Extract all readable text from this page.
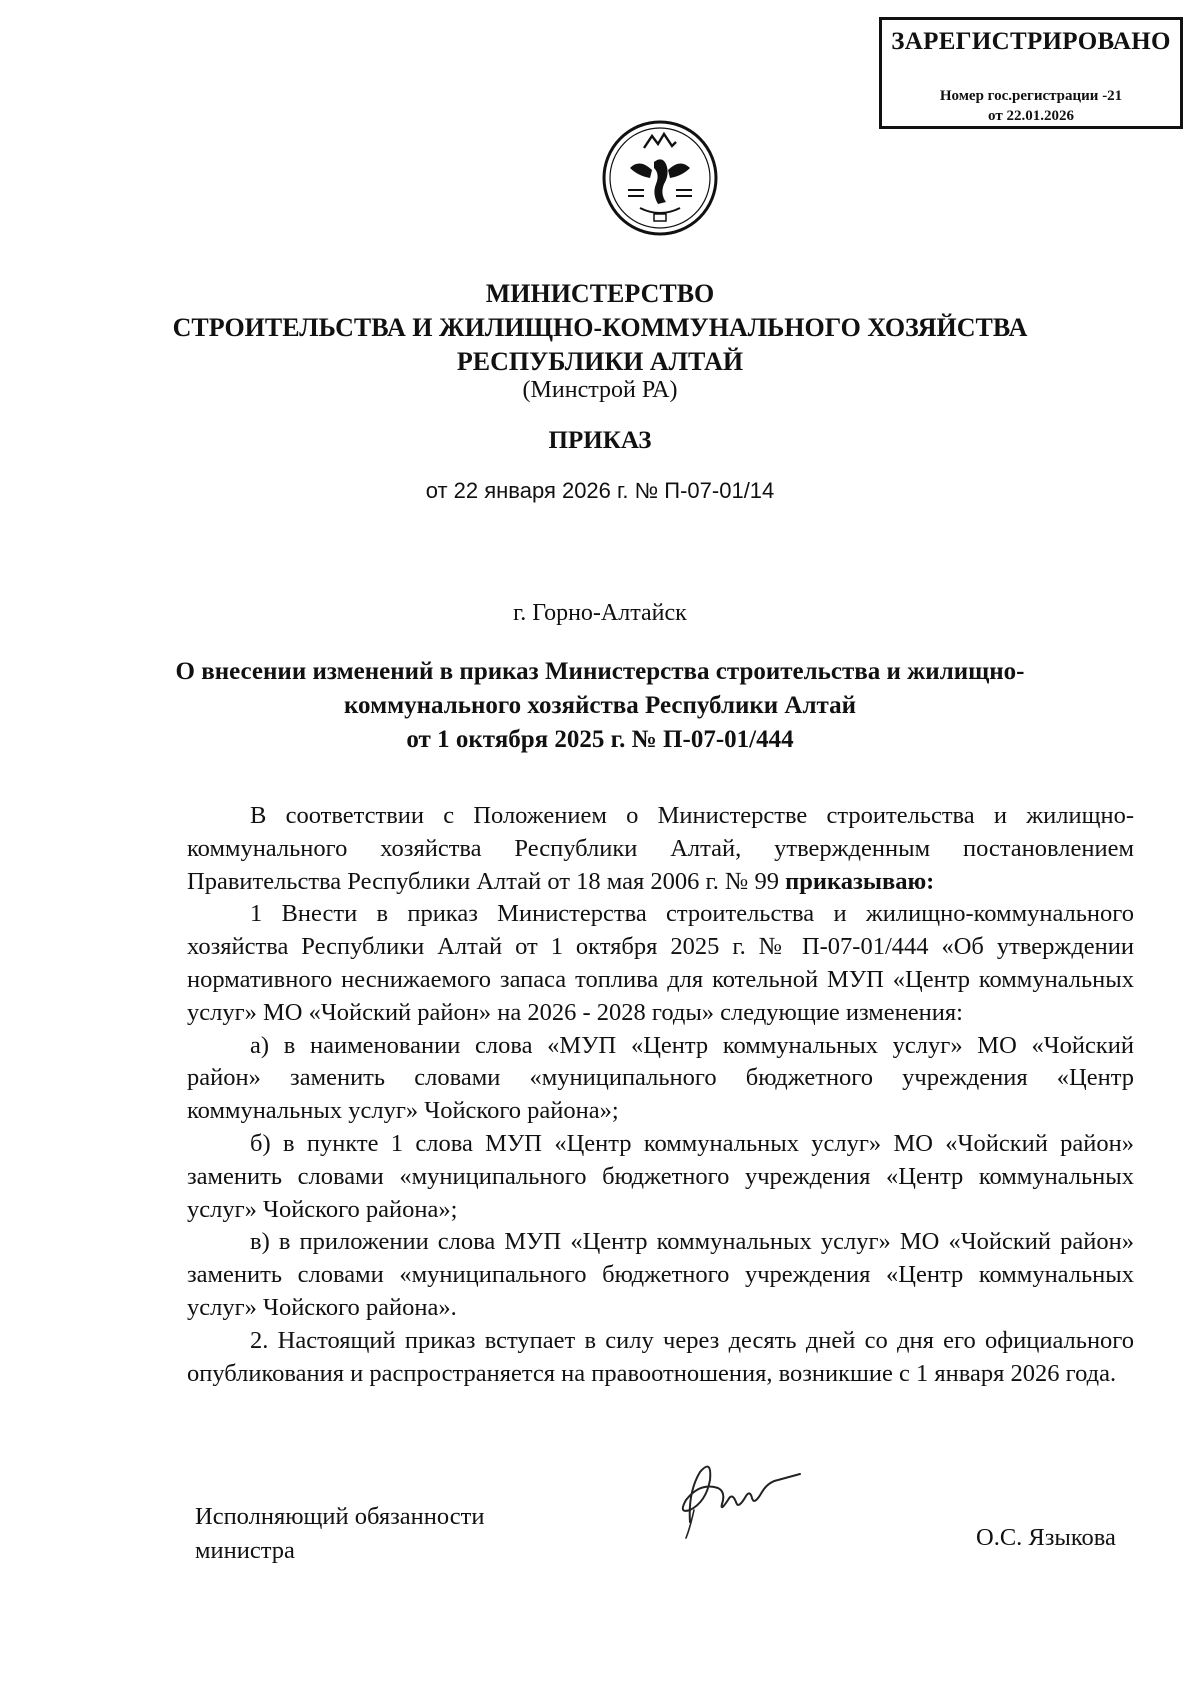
ЗАРЕГИСТРИРОВАНО
Номер гос.регистрации -21
от 22.01.2026
МИНИСТЕРСТВО
СТРОИТЕЛЬСТВА И ЖИЛИЩНО-КОММУНАЛЬНОГО ХОЗЯЙСТВА
РЕСПУБЛИКИ АЛТАЙ
(Минстрой РА)
ПРИКАЗ
от 22 января 2026 г. № П-07-01/14
г. Горно-Алтайск
О внесении изменений в приказ Министерства строительства и жилищно-
коммунального хозяйства Республики Алтай
от 1 октября 2025 г. № П-07-01/444

В соответствии с Положением о Министерстве строительства и жилищно-коммунального хозяйства Республики Алтай, утвержденным постановлением Правительства Республики Алтай от 18 мая 2006 г. № 99 приказываю:

1 Внести в приказ Министерства строительства и жилищно-коммунального хозяйства Республики Алтай от 1 октября 2025 г. № П-07-01/444 «Об утверждении нормативного неснижаемого запаса топлива для котельной МУП «Центр коммунальных услуг» МО «Чойский район» на 2026 - 2028 годы» следующие изменения:

а) в наименовании слова «МУП «Центр коммунальных услуг» МО «Чойский район» заменить словами «муниципального бюджетного учреждения «Центр коммунальных услуг» Чойского района»;

б) в пункте 1 слова МУП «Центр коммунальных услуг» МО «Чойский район» заменить словами «муниципального бюджетного учреждения «Центр коммунальных услуг» Чойского района»;

в) в приложении слова МУП «Центр коммунальных услуг» МО «Чойский район» заменить словами «муниципального бюджетного учреждения «Центр коммунальных услуг» Чойского района».

2. Настоящий приказ вступает в силу через десять дней со дня его официального опубликования и распространяется на правоотношения, возникшие с 1 января 2026 года.

Исполняющий обязанности
министра	О.С. Языкова
